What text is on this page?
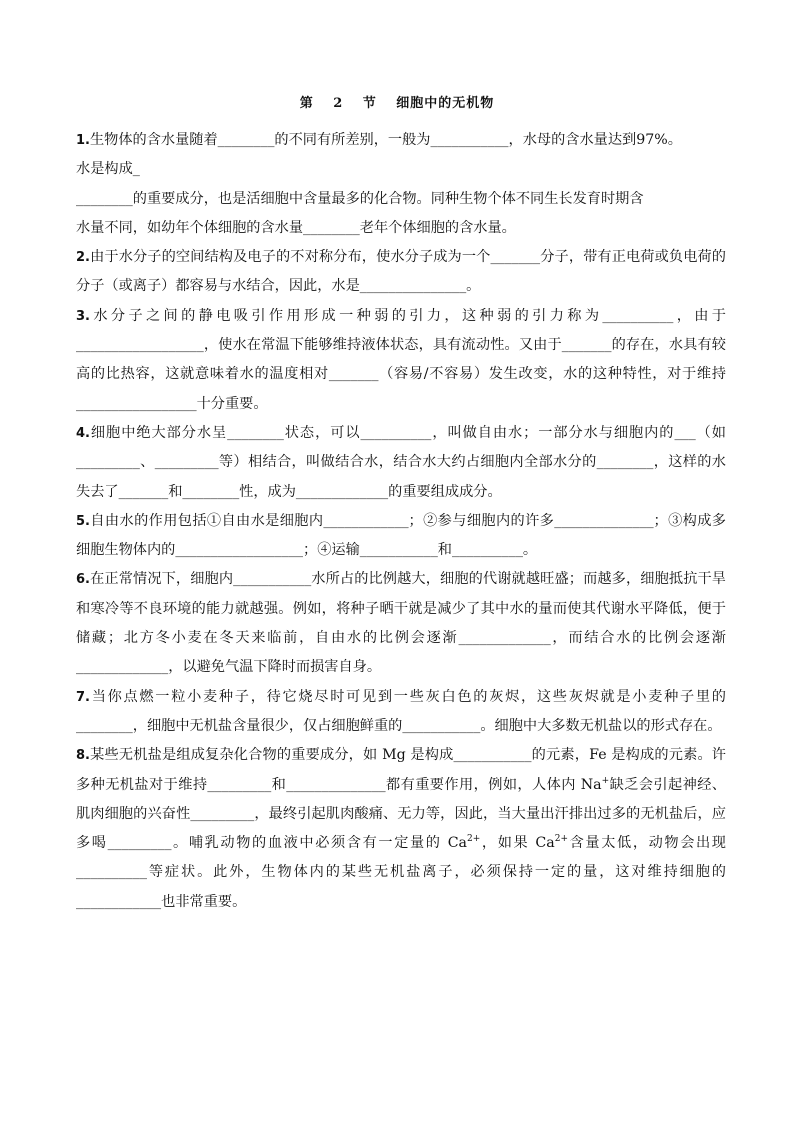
第 2 节 细胞中的无机物

1.生物体的含水量随着________的不同有所差别，一般为___________，水母的含水量达到97%。

水是构成_

________的重要成分，也是活细胞中含量最多的化合物。同种生物个体不同生长发育时期含

水量不同，如幼年个体细胞的含水量________老年个体细胞的含水量。

2.由于水分子的空间结构及电子的不对称分布，使水分子成为一个_______分子，带有正电荷或负电荷的分子（或离子）都容易与水结合，因此，水是_______________。

3.水分子之间的静电吸引作用形成一种弱的引力，这种弱的引力称为__________，由于__________________，使水在常温下能够维持液体状态，具有流动性。又由于_______的存在，水具有较高的比热容，这就意味着水的温度相对_______（容易/不容易）发生改变，水的这种特性，对于维持_________________十分重要。

4.细胞中绝大部分水呈________状态，可以__________，叫做自由水；一部分水与细胞内的___（如_________、_________等）相结合，叫做结合水，结合水大约占细胞内全部水分的________，这样的水失去了_______和________性，成为_____________的重要组成成分。

5.自由水的作用包括①自由水是细胞内____________；②参与细胞内的许多______________；③构成多细胞生物体内的__________________；④运输___________和__________。

6.在正常情况下，细胞内___________水所占的比例越大，细胞的代谢就越旺盛；而越多，细胞抵抗干旱和寒冷等不良环境的能力就越强。例如，将种子晒干就是减少了其中水的量而使其代谢水平降低，便于储藏；北方冬小麦在冬天来临前，自由水的比例会逐渐_____________，而结合水的比例会逐渐_____________，以避免气温下降时而损害自身。

7.当你点燃一粒小麦种子，待它烧尽时可见到一些灰白色的灰烬，这些灰烬就是小麦种子里的________，细胞中无机盐含量很少，仅占细胞鲜重的___________。细胞中大多数无机盐以的形式存在。

8.某些无机盐是组成复杂化合物的重要成分，如 Mg 是构成___________的元素，Fe 是构成的元素。许多种无机盐对于维持_________和______________都有重要作用，例如，人体内 Na+缺乏会引起神经、肌肉细胞的兴奋性_________，最终引起肌肉酸痛、无力等，因此，当大量出汗排出过多的无机盐后，应多喝_________。哺乳动物的血液中必须含有一定量的 $Ca^{2+}$，如果 $Ca^{2+}$含量太低，动物会出现__________等症状。此外，生物体内的某些无机盐离子，必须保持一定的量，这对维持细胞的____________也非常重要。
